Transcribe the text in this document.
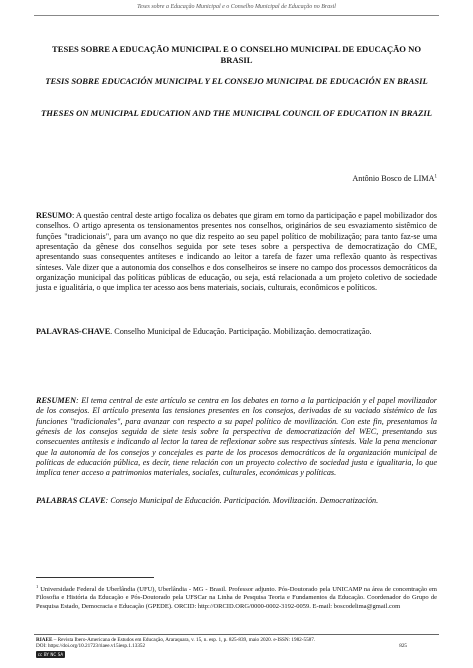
Teses sobre a Educação Municipal e o Conselho Municipal de Educação no Brasil

TESES SOBRE A EDUCAÇÃO MUNICIPAL E O CONSELHO MUNICIPAL DE EDUCAÇÃO NO BRASIL

TESIS SOBRE EDUCACIÓN MUNICIPAL Y EL CONSEJO MUNICIPAL DE EDUCACIÓN EN BRASIL

THESES ON MUNICIPAL EDUCATION AND THE MUNICIPAL COUNCIL OF EDUCATION IN BRAZIL

Antônio Bosco de LIMA$^1$

RESUMO: A questão central deste artigo focaliza os debates que giram em torno da participação e papel mobilizador dos conselhos. O artigo apresenta os tensionamentos presentes nos conselhos, originários de seu esvaziamento sistêmico de funções "tradicionais", para um avanço no que diz respeito ao seu papel político de mobilização; para tanto faz-se uma apresentação da gênese dos conselhos seguida por sete teses sobre a perspectiva de democratização do CME, apresentando suas consequentes antíteses e indicando ao leitor a tarefa de fazer uma reflexão quanto às respectivas sínteses. Vale dizer que a autonomia dos conselhos e dos conselheiros se insere no campo dos processos democráticos da organização municipal das políticas públicas de educação, ou seja, está relacionada a um projeto coletivo de sociedade justa e igualitária, o que implica ter acesso aos bens materiais, sociais, culturais, econômicos e políticos.

PALAVRAS-CHAVE. Conselho Municipal de Educação. Participação. Mobilização. democratização.

RESUMEN: El tema central de este artículo se centra en los debates en torno a la participación y el papel movilizador de los consejos. El artículo presenta las tensiones presentes en los consejos, derivadas de su vaciado sistémico de las funciones "tradicionales", para avanzar con respecto a su papel político de movilización. Con este fin, presentamos la génesis de los consejos seguida de siete tesis sobre la perspectiva de democratización del WEC, presentando sus consecuentes antítesis e indicando al lector la tarea de reflexionar sobre sus respectivas síntesis. Vale la pena mencionar que la autonomía de los consejos y concejales es parte de los procesos democráticos de la organización municipal de políticas de educación pública, es decir, tiene relación con un proyecto colectivo de sociedad justa e igualitaria, lo que implica tener acceso a patrimonios materiales, sociales, culturales, económicas y políticas.

PALABRAS CLAVE: Consejo Municipal de Educación. Participación. Movilización. Democratización.

$^1$ Universidade Federal de Uberlândia (UFU), Uberlândia - MG - Brasil. Professor adjunto. Pós-Doutorado pela UNICAMP na área de concentração em Filosofia e História da Educação e Pós-Doutorado pela UFSCar na Linha de Pesquisa Teoria e Fundamentos da Educação. Coordenador do Grupo de Pesquisa Estado, Democracia e Educação (GPEDE). ORCID: http://ORCID.ORG/0000-0002-3192-0059. E-mail: boscodelima@gmail.com

RIAEE – Revista Ibero-Americana de Estudos em Educação, Araraquara, v. 15, n. esp. 1, p. 825-839, maio 2020. e-ISSN: 1982-5587.
DOI: https://doi.org/10.21723/riaee.v15iesp.1.13352	825
cc BY NC SA
